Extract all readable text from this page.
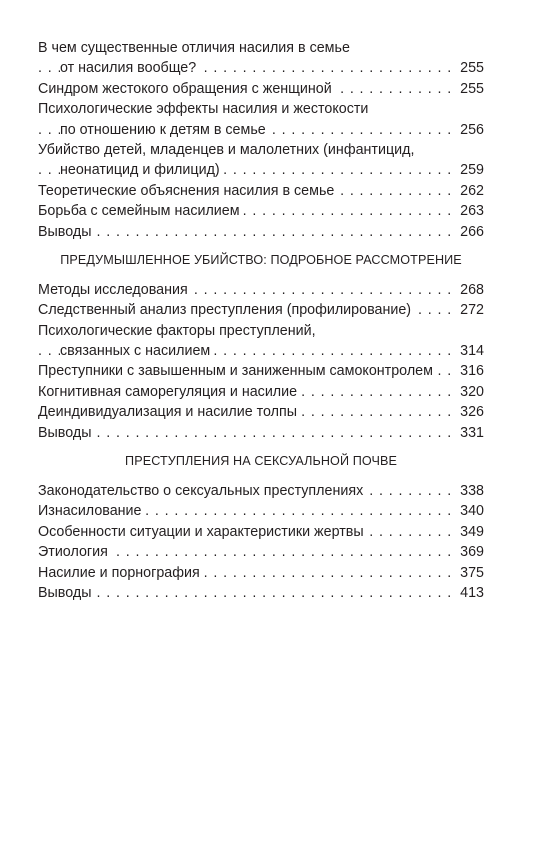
В чем существенные отличия насилия в семье
. . . от насилия вообще?	255
. . . Синдром жестокого обращения с женщиной	255
Психологические эффекты насилия и жестокости
. . . по отношению к детям в семье	256
Убийство детей, младенцев и малолетних (инфантицид,
. . . неонатицид и филицид)	259
. . . Теоретические объяснения насилия в семье	262
. . . Борьба с семейным насилием	263
. . . Выводы	266
ПРЕДУМЫШЛЕННОЕ УБИЙСТВО: ПОДРОБНОЕ РАССМОТРЕНИЕ
. . . Методы исследования	268
. . . Следственный анализ преступления (профилирование)	272
Психологические факторы преступлений,
. . . связанных с насилием	314
. . . Преступники с завышенным и заниженным самоконтролем 316
. . . Когнитивная саморегуляция и насилие	320
. . . Деиндивидуализация и насилие толпы	326
. . . Выводы	331
ПРЕСТУПЛЕНИЯ НА СЕКСУАЛЬНОЙ ПОЧВЕ
. . . Законодательство о сексуальных преступлениях	338
. . . Изнасилование	340
. . . Особенности ситуации и характеристики жертвы	349
. . . Этиология	369
. . . Насилие и порнография	375
. . . Выводы	413
